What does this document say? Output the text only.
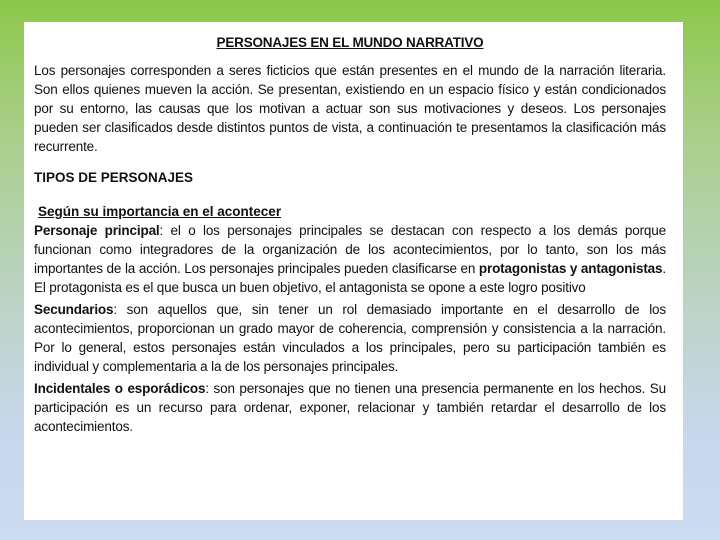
PERSONAJES EN EL MUNDO NARRATIVO

Los personajes corresponden a seres ficticios que están presentes en el mundo de la narración literaria. Son ellos quienes mueven la acción. Se presentan, existiendo en un espacio físico y están condicionados por su entorno, las causas que los motivan a actuar son sus motivaciones y deseos. Los personajes pueden ser clasificados desde distintos puntos de vista, a continuación te presentamos la clasificación más recurrente.

TIPOS DE PERSONAJES
Según su importancia en el acontecer

Personaje principal: el o los personajes principales se destacan con respecto a los demás porque funcionan como integradores de la organización de los acontecimientos, por lo tanto, son los más importantes de la acción. Los personajes principales pueden clasificarse en protagonistas y antagonistas. El protagonista es el que busca un buen objetivo, el antagonista se opone a este logro positivo

Secundarios: son aquellos que, sin tener un rol demasiado importante en el desarrollo de los acontecimientos, proporcionan un grado mayor de coherencia, comprensión y consistencia a la narración. Por lo general, estos personajes están vinculados a los principales, pero su participación también es individual y complementaria a la de los personajes principales.

Incidentales o esporádicos: son personajes que no tienen una presencia permanente en los hechos. Su participación es un recurso para ordenar, exponer, relacionar y también retardar el desarrollo de los acontecimientos.
